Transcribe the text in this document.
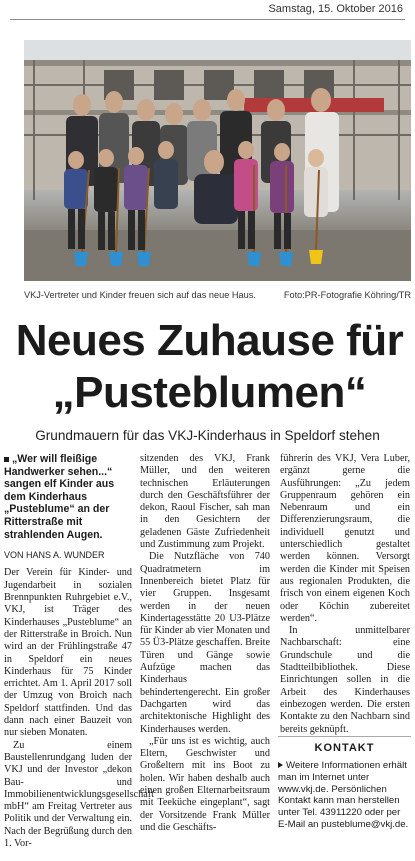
Samstag, 15. Oktober 2016
VKJ-Vertreter und Kinder freuen sich auf das neue Haus.	Foto:PR-Fotografie Köhring/TR
Neues Zuhause für
„Pusteblumen“
Grundmauern für das VKJ-Kinderhaus in Speldorf stehen
„Wer will fleißige Handwerker sehen...“ sangen elf Kinder aus dem Kinderhaus „Pusteblume“ an der Ritterstraße mit strahlenden Augen.
VON HANS A. WUNDER

Der Verein für Kinder- und Jugendarbeit in sozialen Brennpunkten Ruhrgebiet e.V., VKJ, ist Träger des Kinderhauses „Pusteblume“ an der Ritterstraße in Broich. Nun wird an der Frühlingstraße 47 in Speldorf ein neues Kinderhaus für 75 Kinder errichtet. Am 1. April 2017 soll der Umzug von Broich nach Speldorf stattfinden. Und das dann nach einer Bauzeit von nur sieben Monaten.

Zu einem Baustellenrundgang luden der VKJ und der Investor „dekon Bau- und Immobilienentwicklungsgesellschaft mbH“ am Freitag Vertreter aus Politik und der Verwaltung ein. Nach der Begrüßung durch den 1. Vor-

sitzenden des VKJ, Frank Müller, und den weiteren technischen Erläuterungen durch den Geschäftsführer der dekon, Raoul Fischer, sah man in den Gesichtern der geladenen Gäste Zufriedenheit und Zustimmung zum Projekt.

Die Nutzfläche von 740 Quadratmetern im Innenbereich bietet Platz für vier Gruppen. Insgesamt werden in der neuen Kindertagesstätte 20 U3-Plätze für Kinder ab vier Monaten und 55 Ü3-Plätze geschaffen. Breite Türen und Gänge sowie Aufzüge machen das Kinderhaus behindertengerecht. Ein großer Dachgarten wird das architektonische Highlight des Kinderhauses werden.

„Für uns ist es wichtig, auch Eltern, Geschwister und Großeltern mit ins Boot zu holen. Wir haben deshalb auch einen großen Elternarbeitsraum mit Teeküche eingeplant“, sagt der Vorsitzende Frank Müller und die Geschäfts-

führerin des VKJ, Vera Luber, ergänzt gerne die Ausführungen: „Zu jedem Gruppenraum gehören ein Nebenraum und ein Differenzierungsraum, die individuell genutzt und unterschiedlich gestaltet werden können. Versorgt werden die Kinder mit Speisen aus regionalen Produkten, die frisch von einem eigenen Koch oder Köchin zubereitet werden“.

In unmittelbarer Nachbarschaft: eine Grundschule und die Stadtteilbibliothek. Diese Einrichtungen sollen in die Arbeit des Kinderhauses einbezogen werden. Die ersten Kontakte zu den Nachbarn sind bereits geknüpft.

KONTAKT
Weitere Informationen erhält man im Internet unter www.vkj.de. Persönlichen Kontakt kann man herstellen unter Tel. 43911220 oder per E-Mail an pusteblume@vkj.de.
